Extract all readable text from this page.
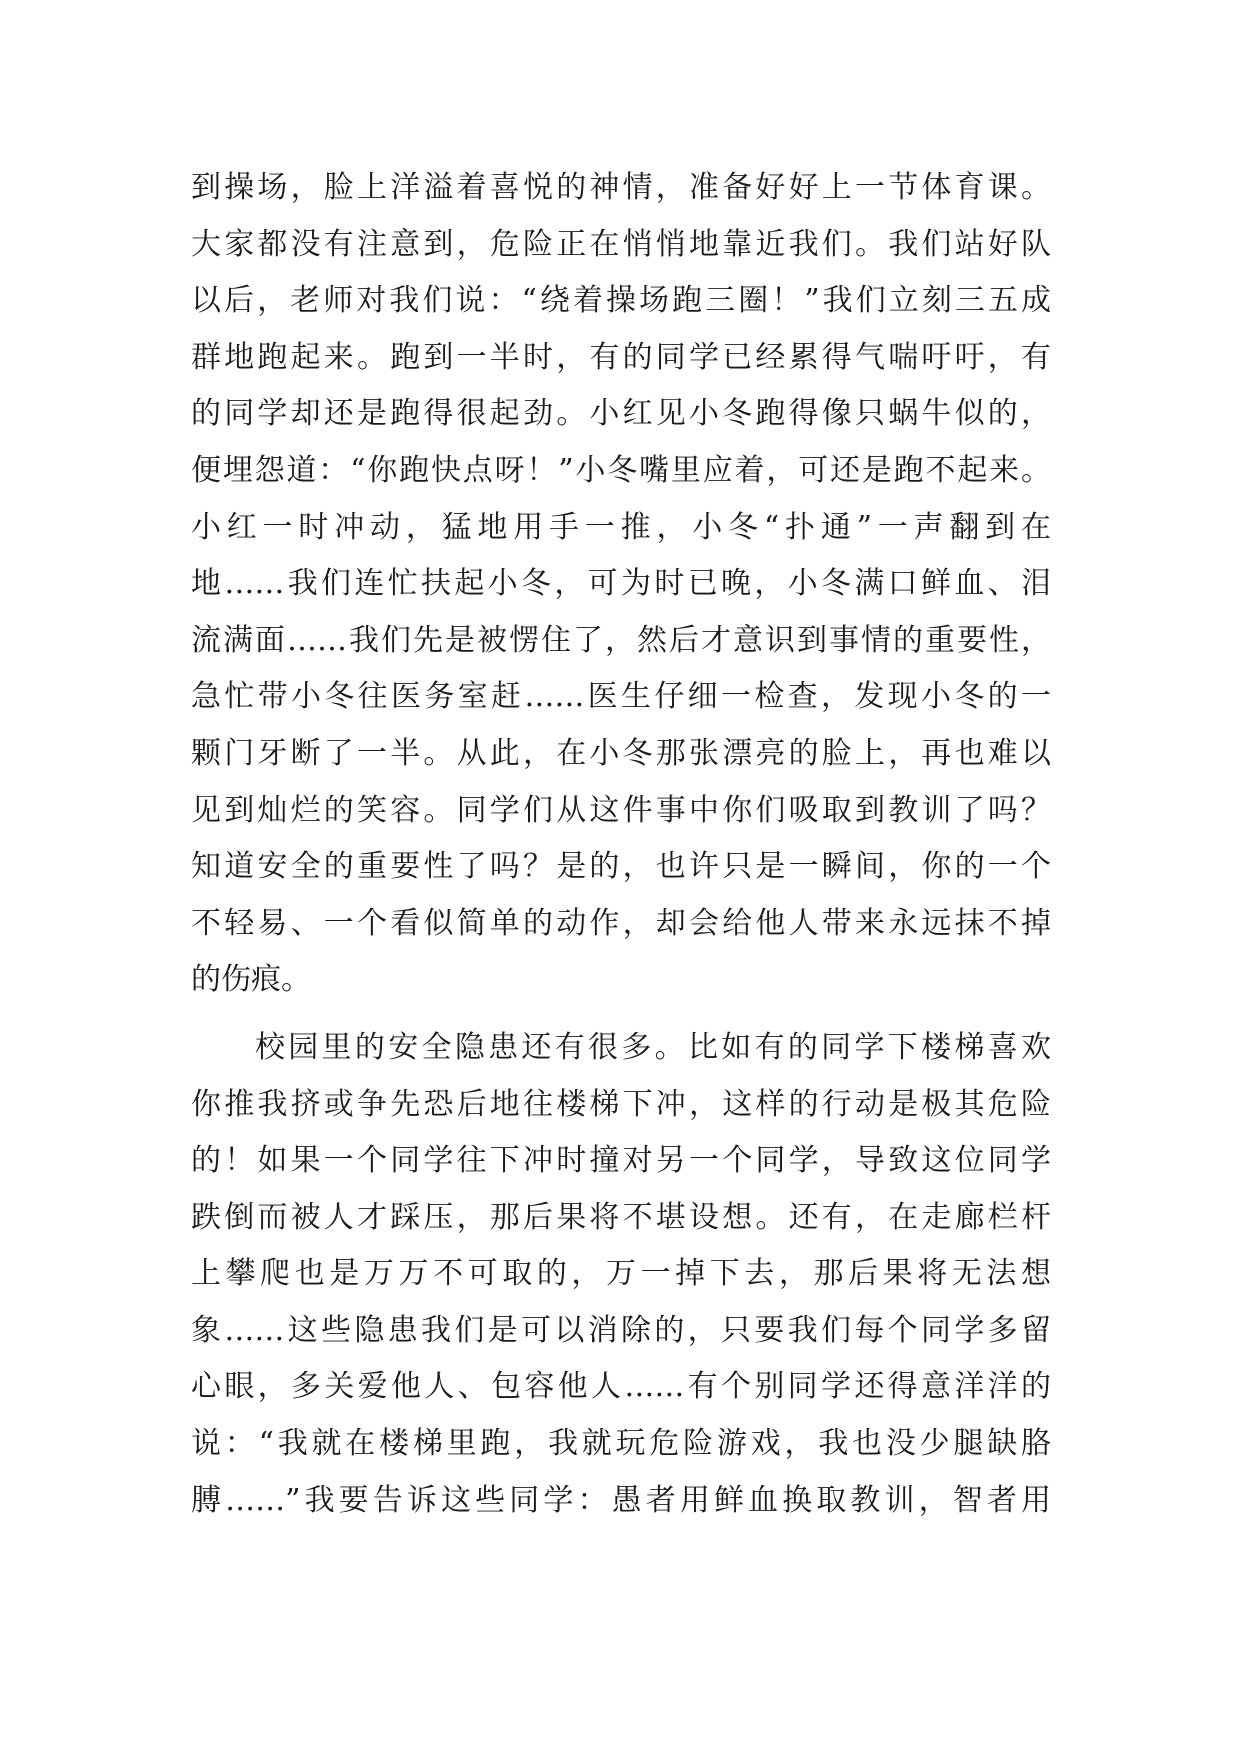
到操场，脸上洋溢着喜悦的神情，准备好好上一节体育课。
大家都没有注意到，危险正在悄悄地靠近我们。我们站好队
以后，老师对我们说：“绕着操场跑三圈！”我们立刻三五成
群地跑起来。跑到一半时，有的同学已经累得气喘吁吁，有
的同学却还是跑得很起劲。小红见小冬跑得像只蜗牛似的，
便埋怨道：“你跑快点呀！”小冬嘴里应着，可还是跑不起来。
小红一时冲动，猛地用手一推，小冬“扑通”一声翻到在
地……我们连忙扶起小冬，可为时已晚，小冬满口鲜血、泪
流满面……我们先是被愣住了，然后才意识到事情的重要性，
急忙带小冬往医务室赶……医生仔细一检查，发现小冬的一
颗门牙断了一半。从此，在小冬那张漂亮的脸上，再也难以
见到灿烂的笑容。同学们从这件事中你们吸取到教训了吗？
知道安全的重要性了吗？是的，也许只是一瞬间，你的一个
不轻易、一个看似简单的动作，却会给他人带来永远抹不掉
的伤痕。
校园里的安全隐患还有很多。比如有的同学下楼梯喜欢
你推我挤或争先恐后地往楼梯下冲，这样的行动是极其危险
的！如果一个同学往下冲时撞对另一个同学，导致这位同学
跌倒而被人才踩压，那后果将不堪设想。还有，在走廊栏杆
上攀爬也是万万不可取的，万一掉下去，那后果将无法想
象……这些隐患我们是可以消除的，只要我们每个同学多留
心眼，多关爱他人、包容他人……有个别同学还得意洋洋的
说：“我就在楼梯里跑，我就玩危险游戏，我也没少腿缺胳
膊……”我要告诉这些同学：愚者用鲜血换取教训，智者用
